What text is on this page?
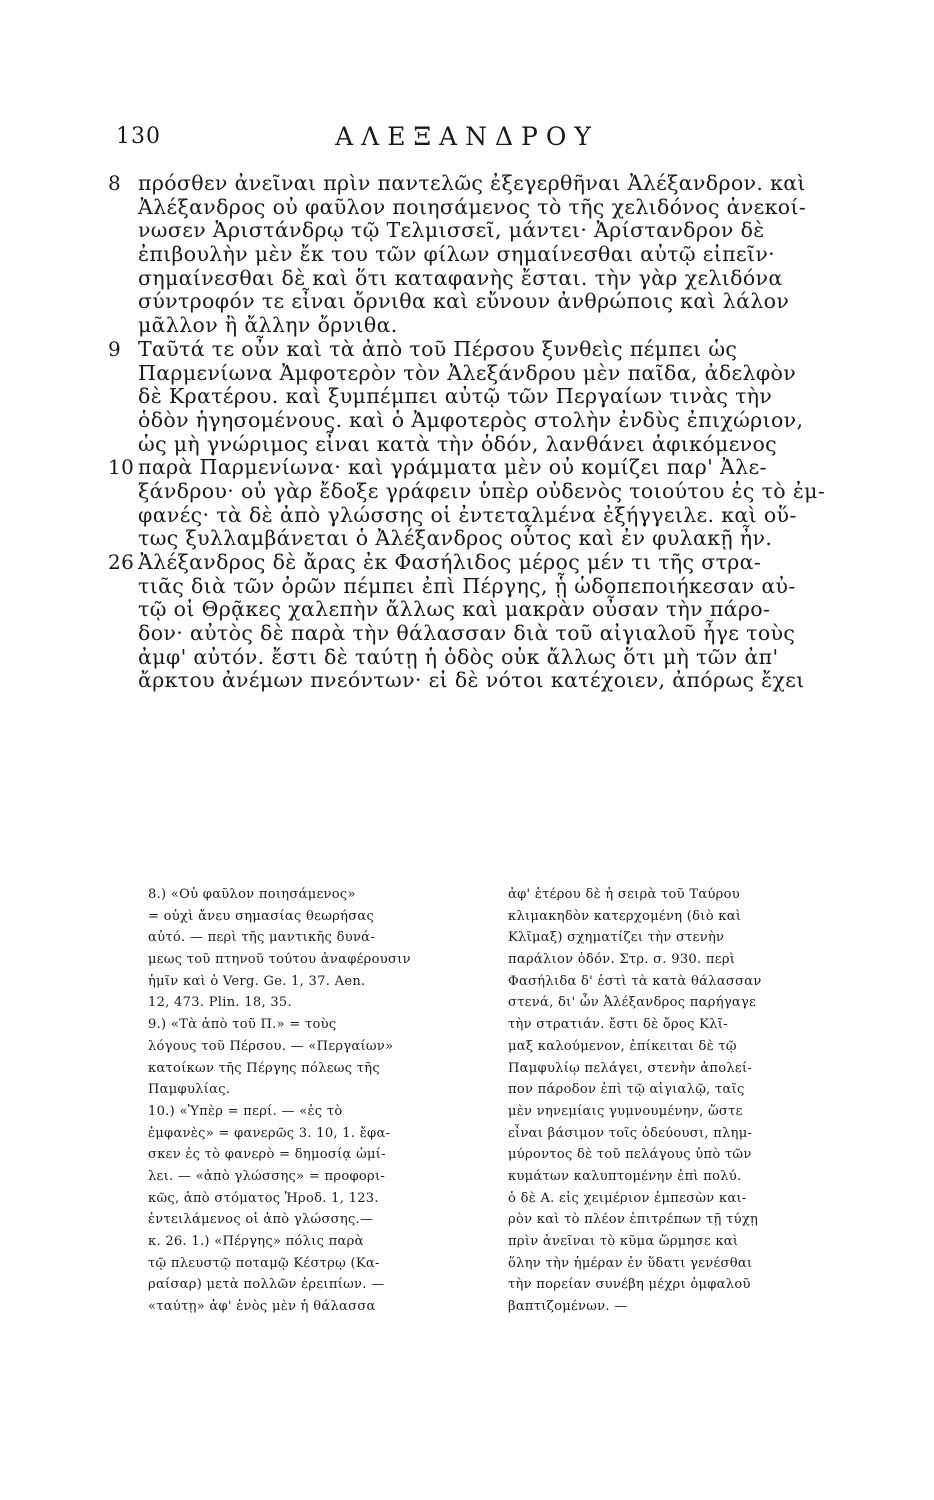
130	ΑΛΕΞΑΝΔΡΟΥ
8 πρόσθεν ἀνεῖναι πρὶν παντελῶς ἐξεγερθῆναι Ἀλέξανδρον. καὶ
Ἀλέξανδρος οὐ φαῦλον ποιησάμενος τὸ τῆς χελιδόνος ἀνεκοί-
νωσεν Ἀριστάνδρῳ τῷ Τελμισσεῖ, μάντει· Ἀρίστανδρον δὲ
ἐπιβουλὴν μὲν ἔκ του τῶν φίλων σημαίνεσθαι αὐτῷ εἰπεῖν·
σημαίνεσθαι δὲ καὶ ὅτι καταφανὴς ἔσται. τὴν γὰρ χελιδόνα
σύντροφόν τε εἶναι ὄρνιθα καὶ εὔνουν ἀνθρώποις καὶ λάλον
μᾶλλον ἢ ἄλλην ὄρνιθα.
9 Ταῦτά τε οὖν καὶ τὰ ἀπὸ τοῦ Πέρσου ξυνθεὶς πέμπει ὡς
Παρμενίωνα Ἀμφοτερὸν τὸν Ἀλεξάνδρου μὲν παῖδα, ἀδελφὸν
δὲ Κρατέρου. καὶ ξυμπέμπει αὐτῷ τῶν Περγαίων τινὰς τὴν
ὁδὸν ἡγησομένους. καὶ ὁ Ἀμφοτερὸς στολὴν ἐνδὺς ἐπιχώριον,
ὡς μὴ γνώριμος εἶναι κατὰ τὴν ὁδόν, λανθάνει ἀφικόμενος
10 παρὰ Παρμενίωνα· καὶ γράμματα μὲν οὐ κομίζει παρ' Ἀλε-
ξάνδρου· οὐ γὰρ ἔδοξε γράφειν ὑπὲρ οὐδενὸς τοιούτου ἐς τὸ ἐμ-
φανές· τὰ δὲ ἀπὸ γλώσσης οἱ ἐντεταλμένα ἐξήγγειλε. καὶ οὕ-
τως ξυλλαμβάνεται ὁ Ἀλέξανδρος οὗτος καὶ ἐν φυλακῇ ἦν.
26 Ἀλέξανδρος δὲ ἄρας ἐκ Φασήλιδος μέρος μέν τι τῆς στρα-
τιᾶς διὰ τῶν ὀρῶν πέμπει ἐπὶ Πέργης, ᾗ ὡδοπεποιήκεσαν αὐ-
τῷ οἱ Θρᾷκες χαλεπὴν ἄλλως καὶ μακρὰν οὖσαν τὴν πάρο-
δον· αὐτὸς δὲ παρὰ τὴν θάλασσαν διὰ τοῦ αἰγιαλοῦ ἦγε τοὺς
ἀμφ' αὐτόν. ἔστι δὲ ταύτῃ ἡ ὁδὸς οὐκ ἄλλως ὅτι μὴ τῶν ἀπ'
ἄρκτου ἀνέμων πνεόντων· εἰ δὲ νότοι κατέχοιεν, ἀπόρως ἔχει
8.) «Οὐ φαῦλον ποιησάμενος»
= οὐχὶ ἄνευ σημασίας θεωρήσας
αὐτό. — περὶ τῆς μαντικῆς δυνά-
μεως τοῦ πτηνοῦ τούτου ἀναφέρουσιν
ἡμῖν καὶ ὁ Verg. Ge. 1, 37. Aen.
12, 473. Plin. 18, 35.
9.) «Τὰ ἀπὸ τοῦ Π.» = τοὺς
λόγους τοῦ Πέρσου. — «Περγαίων»
κατοίκων τῆς Πέργης πόλεως τῆς
Παμφυλίας.
10.) «Ὑπὲρ = περί. — «ἐς τὸ
ἐμφανὲς» = φανερῶς 3. 10, 1. ἔφα-
σκεν ἐς τὸ φανερὸ = δημοσίᾳ ὡμί-
λει. — «ἀπὸ γλώσσης» = προφορι-
κῶς, ἀπὸ στόματος Ἡροδ. 1, 123.
ἐντειλάμενος οἱ ἀπὸ γλώσσης.—
κ. 26. 1.) «Πέργης» πόλις παρὰ
τῷ πλευστῷ ποταμῷ Κέστρῳ (Κα-
ραίσαρ) μετὰ πολλῶν ἐρειπίων. —
«ταύτῃ» ἀφ' ἑνὸς μὲν ἡ θάλασσα
ἀφ' ἑτέρου δὲ ἡ σειρὰ τοῦ Ταύρου
κλιμακηδὸν κατερχομένη (διὸ καὶ
Κλῖμαξ) σχηματίζει τὴν στενὴν
παράλιον ὁδόν. Στρ. σ. 930. περὶ
Φασήλιδα δ' ἐστὶ τὰ κατὰ θάλασσαν
στενά, δι' ὧν Ἀλέξανδρος παρήγαγε
τὴν στρατιάν. ἔστι δὲ ὄρος Κλῖ-
μαξ καλούμενον, ἐπίκειται δὲ τῷ
Παμφυλίῳ πελάγει, στενὴν ἀπολεί-
πον πάροδον ἐπὶ τῷ αἰγιαλῷ, ταῖς
μὲν νηνεμίαις γυμνουμένην, ὥστε
εἶναι βάσιμον τοῖς ὁδεύουσι, πλημ-
μύροντος δὲ τοῦ πελάγους ὑπὸ τῶν
κυμάτων καλυπτομένην ἐπὶ πολύ.
ὁ δὲ Α. εἰς χειμέριον ἐμπεσὼν και-
ρὸν καὶ τὸ πλέον ἐπιτρέπων τῇ τύχῃ
πρὶν ἀνεῖναι τὸ κῦμα ὥρμησε καὶ
ὅλην τὴν ἡμέραν ἐν ὕδατι γενέσθαι
τὴν πορείαν συνέβη μέχρι ὀμφαλοῦ
βαπτιζομένων. —
